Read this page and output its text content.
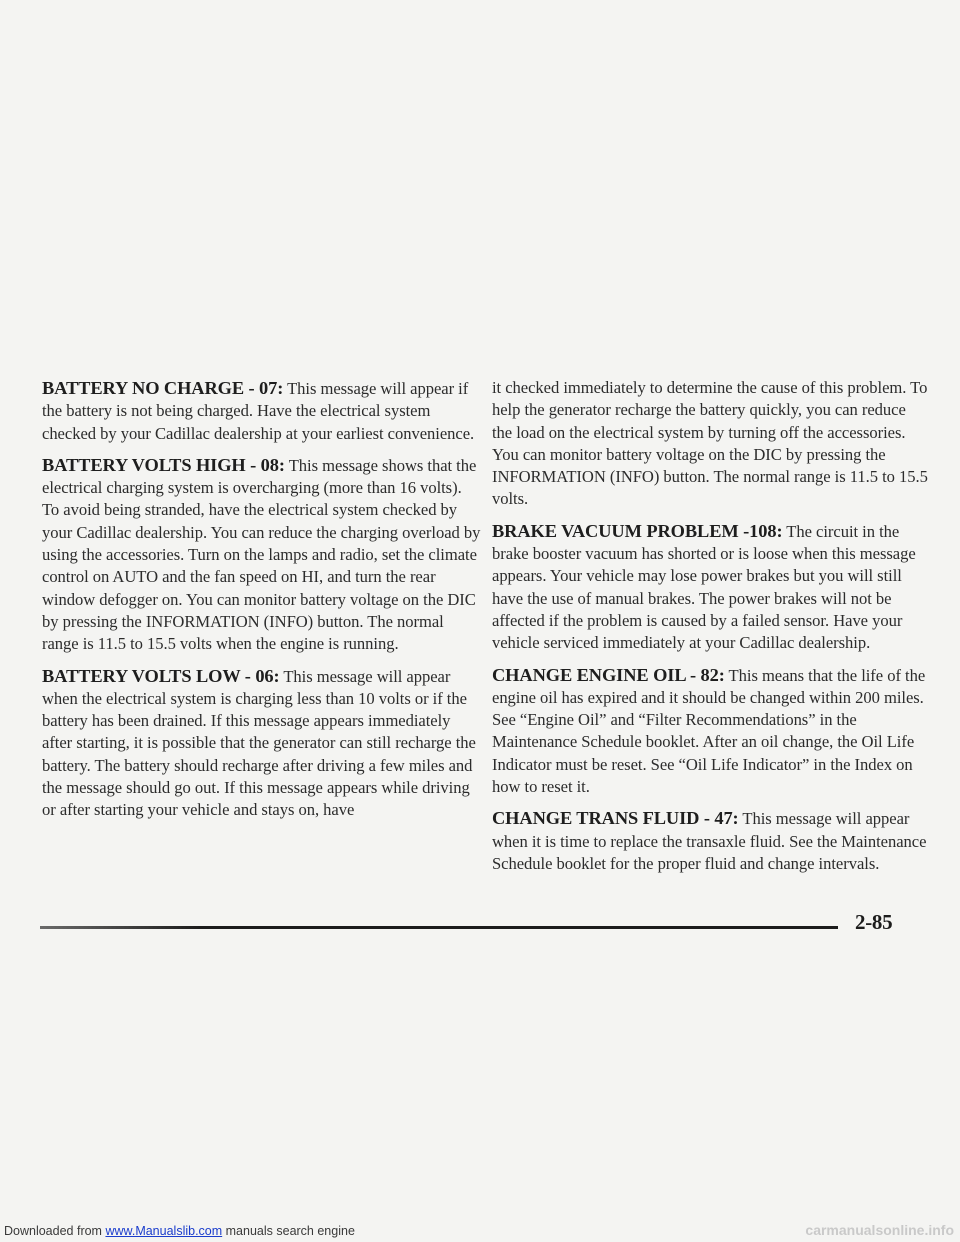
BATTERY NO CHARGE - 07: This message will appear if the battery is not being charged. Have the electrical system checked by your Cadillac dealership at your earliest convenience.

BATTERY VOLTS HIGH - 08: This message shows that the electrical charging system is overcharging (more than 16 volts). To avoid being stranded, have the electrical system checked by your Cadillac dealership. You can reduce the charging overload by using the accessories. Turn on the lamps and radio, set the climate control on AUTO and the fan speed on HI, and turn the rear window defogger on. You can monitor battery voltage on the DIC by pressing the INFORMATION (INFO) button. The normal range is 11.5 to 15.5 volts when the engine is running.

BATTERY VOLTS LOW - 06: This message will appear when the electrical system is charging less than 10 volts or if the battery has been drained. If this message appears immediately after starting, it is possible that the generator can still recharge the battery. The battery should recharge after driving a few miles and the message should go out. If this message appears while driving or after starting your vehicle and stays on, have

it checked immediately to determine the cause of this problem. To help the generator recharge the battery quickly, you can reduce the load on the electrical system by turning off the accessories. You can monitor battery voltage on the DIC by pressing the INFORMATION (INFO) button. The normal range is 11.5 to 15.5 volts.

BRAKE VACUUM PROBLEM -108: The circuit in the brake booster vacuum has shorted or is loose when this message appears. Your vehicle may lose power brakes but you will still have the use of manual brakes. The power brakes will not be affected if the problem is caused by a failed sensor. Have your vehicle serviced immediately at your Cadillac dealership.

CHANGE ENGINE OIL - 82: This means that the life of the engine oil has expired and it should be changed within 200 miles. See “Engine Oil” and “Filter Recommendations” in the Maintenance Schedule booklet. After an oil change, the Oil Life Indicator must be reset. See “Oil Life Indicator” in the Index on how to reset it.

CHANGE TRANS FLUID - 47: This message will appear when it is time to replace the transaxle fluid. See the Maintenance Schedule booklet for the proper fluid and change intervals.

2-85
Downloaded from www.Manualslib.com manuals search engine	carmanualsonline.info
